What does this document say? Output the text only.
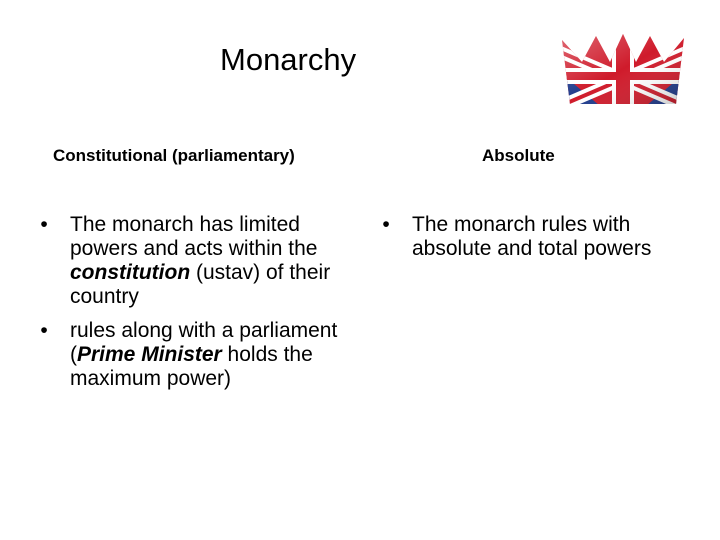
Monarchy
Constitutional (parliamentary)	Absolute
•	The monarch has limited powers and acts within the constitution (ustav) of their country
•	rules along with a parliament (Prime Minister holds the maximum power)
•	The monarch rules with absolute and total powers
